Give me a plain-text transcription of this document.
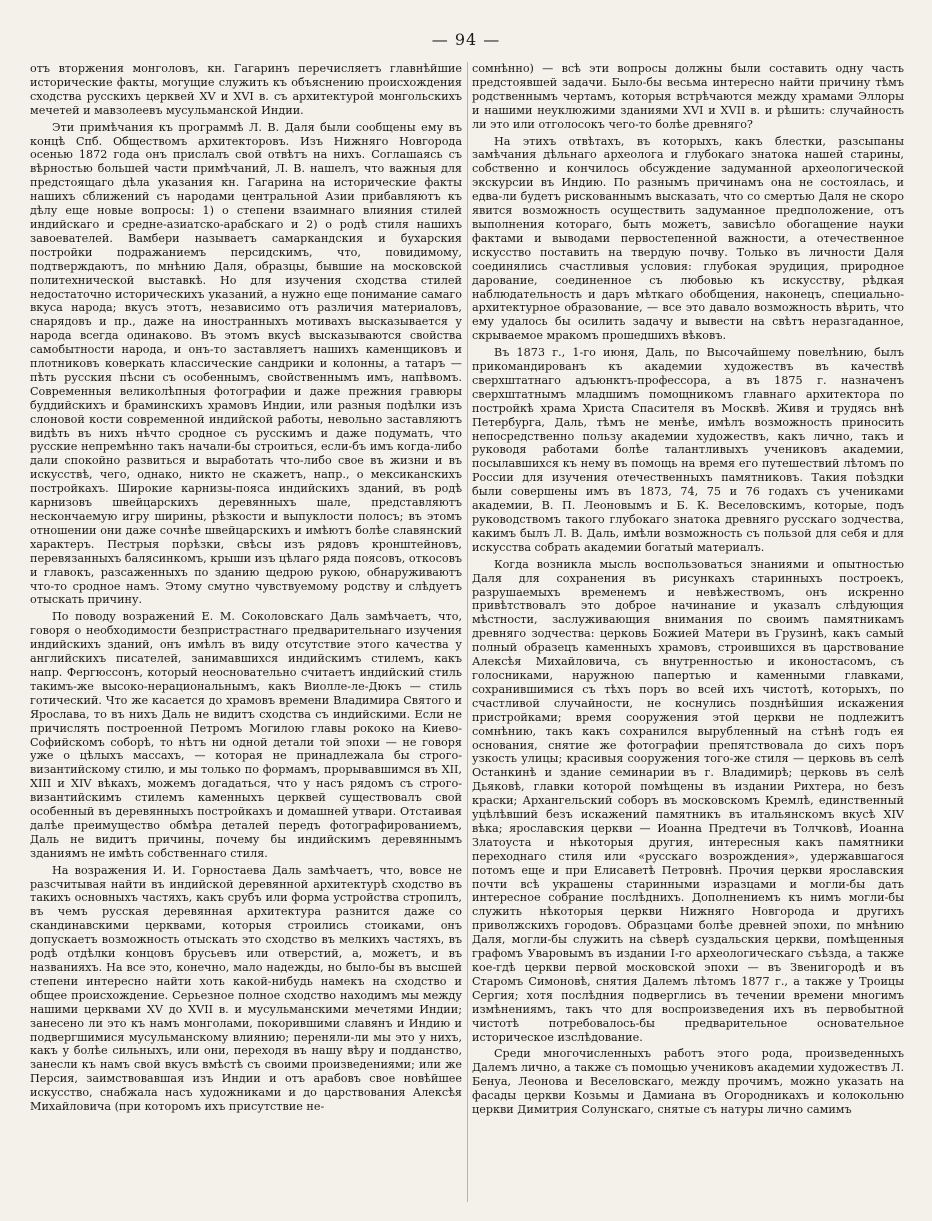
— 94 —

отъ вторжения монголовъ, кн. Гагаринъ перечисляетъ главнѣйшие исторические факты, могущие служить къ объяснению происхождения сходства русскихъ церквей XV и XVI в. съ архитектурой монгольскихъ мечетей и мавзолеевъ мусульманской Индии.

Эти примѣчания къ программѣ Л. В. Даля были сообщены ему въ концѣ Спб. Обществомъ архитекторовъ. Изъ Нижняго Новгорода осенью 1872 года онъ прислалъ свой отвѣтъ на нихъ. Соглашаясь съ вѣрностью большей части примѣчаний, Л. В. нашелъ, что важныя для предстоящаго дѣла указания кн. Гагарина на исторические факты нашихъ сближений съ народами центральной Азии прибавляютъ къ дѣлу еще новые вопросы: 1) о степени взаимнаго влияния стилей индийскаго и средне-азиатско-арабскаго и 2) о родѣ стиля нашихъ завоевателей. Вамбери называетъ самаркандския и бухарския постройки подражаниемъ персидскимъ, что, повидимому, подтверждаютъ, по мнѣнию Даля, образцы, бывшие на московской политехнической выставкѣ. Но для изучения сходства стилей недостаточно историческихъ указаний, а нужно еще понимание самаго вкуса народа; вкусъ этотъ, независимо отъ различия материаловъ, снарядовъ и пр., даже на иностранныхъ мотивахъ высказывается у народа всегда одинаково. Въ этомъ вкусѣ высказываются свойства самобытности народа, и онъ-то заставляетъ нашихъ каменщиковъ и плотниковъ коверкать классические сандрики и колонны, а татаръ — пѣть русския пѣсни съ особеннымъ, свойственнымъ имъ, напѣвомъ. Современныя великолѣпныя фотографии и даже прежния гравюры буддийскихъ и браминскихъ храмовъ Индии, или разныя подѣлки изъ слоновой кости современной индийской работы, невольно заставляютъ видѣть въ нихъ нѣчто сродное съ русскимъ и даже подумать, что русские непремѣнно такъ начали-бы строиться, если-бъ имъ когда-либо дали спокойно развиться и выработать что-либо свое въ жизни и въ искусствѣ, чего, однако, никто не скажетъ, напр., о мексиканскихъ постройкахъ. Широкие карнизы-пояса индийскихъ зданий, въ родѣ карнизовъ швейцарскихъ деревянныхъ шале, представляютъ нескончаемую игру ширины, рѣзкости и выпуклости полосъ; въ этомъ отношении они даже сочнѣе швейцарскихъ и имѣютъ болѣе славянский характеръ. Пестрыя порѣзки, свѣсы изъ рядовъ кронштейновъ, перевязанныхъ балясинкомъ, крыши изъ цѣлаго ряда поясовъ, откосовъ и главокъ, разсаженныхъ по зданию щедрою рукою, обнаруживаютъ что-то сродное намъ. Этому смутно чувствуемому родству и слѣдуетъ отыскать причину.

По поводу возражений Е. М. Соколовскаго Даль замѣчаетъ, что, говоря о необходимости безпристрастнаго предварительнаго изучения индийскихъ зданий, онъ имѣлъ въ виду отсутствие этого качества у английскихъ писателей, занимавшихся индийскимъ стилемъ, какъ напр. Фергюссонъ, который неосновательно считаетъ индийский стиль такимъ-же высоко-нерациональнымъ, какъ Виолле-ле-Дюкъ — стиль готический. Что же касается до храмовъ времени Владимира Святого и Ярослава, то въ нихъ Даль не видитъ сходства съ индийскими. Если не причислять построенной Петромъ Могилою главы рококо на Киево-Софийскомъ соборѣ, то нѣтъ ни одной детали той эпохи — не говоря уже о цѣлыхъ массахъ, — которая не принадлежала бы строго-византийскому стилю, и мы только по формамъ, прорывавшимся въ XII, XIII и XIV вѣкахъ, можемъ догадаться, что у насъ рядомъ съ строго-византийскимъ стилемъ каменныхъ церквей существовалъ свой особенный въ деревянныхъ постройкахъ и домашней утвари. Отстаивая далѣе преимущество обмѣра деталей передъ фотографированиемъ, Даль не видитъ причины, почему бы индийскимъ деревяннымъ зданиямъ не имѣть собственнаго стиля.

На возражения И. И. Горностаева Даль замѣчаетъ, что, вовсе не разсчитывая найти въ индийской деревянной архитектурѣ сходство въ такихъ основныхъ частяхъ, какъ срубъ или форма устройства стропилъ, въ чемъ русская деревянная архитектура разнится даже со скандинавскими церквами, которыя строились стоиками, онъ допускаетъ возможность отыскать это сходство въ мелкихъ частяхъ, въ родѣ отдѣлки концовъ брусьевъ или отверстий, а, можетъ, и въ названияхъ. На все это, конечно, мало надежды, но было-бы въ высшей степени интересно найти хоть какой-нибудь намекъ на сходство и общее происхождение. Серьезное полное сходство находимъ мы между нашими церквами XV до XVII в. и мусульманскими мечетями Индии; занесено ли это къ намъ монголами, покорившими славянъ и Индию и подвергшимися мусульманскому влиянию; переняли-ли мы это у нихъ, какъ у болѣе сильныхъ, или они, переходя въ нашу вѣру и подданство, занесли къ намъ свой вкусъ вмѣстѣ съ своими произведениями; или же Персия, заимствовавшая изъ Индии и отъ арабовъ свое новѣйшее искусство, снабжала насъ художниками и до царствования Алексѣя Михайловича (при которомъ ихъ присутствие не-

сомнѣнно) — всѣ эти вопросы должны были составить одну часть предстоявшей задачи. Было-бы весьма интересно найти причину тѣмъ родственнымъ чертамъ, которыя встрѣчаются между храмами Эллоры и нашими неуклюжими зданиями XVI и XVII в. и рѣшить: случайность ли это или отголосокъ чего-то болѣе древняго?

На этихъ отвѣтахъ, въ которыхъ, какъ блестки, разсыпаны замѣчания дѣльнаго археолога и глубокаго знатока нашей старины, собственно и кончилось обсуждение задуманной археологической экскурсии въ Индию. По разнымъ причинамъ она не состоялась, и едва-ли будетъ рискованнымъ высказать, что со смертью Даля не скоро явится возможность осуществить задуманное предположение, отъ выполнения котораго, быть можетъ, зависѣло обогащение науки фактами и выводами первостепенной важности, а отечественное искусство поставить на твердую почву. Только въ личности Даля соединялись счастливыя условия: глубокая эрудиция, природное дарование, соединенное съ любовью къ искусству, рѣдкая наблюдательность и даръ мѣткаго обобщения, наконецъ, специально-архитектурное образование, — все это давало возможность вѣрить, что ему удалось бы осилить задачу и вывести на свѣтъ неразгаданное, скрываемое мракомъ прошедшихъ вѣковъ.

Въ 1873 г., 1-го июня, Даль, по Высочайшему повелѣнию, былъ прикомандированъ къ академии художествъ въ качествѣ сверхштатнаго адъюнктъ-профессора, а въ 1875 г. назначенъ сверхштатнымъ младшимъ помощникомъ главнаго архитектора по постройкѣ храма Христа Спасителя въ Москвѣ. Живя и трудясь внѣ Петербурга, Даль, тѣмъ не менѣе, имѣлъ возможность приносить непосредственно пользу академии художествъ, какъ лично, такъ и руководя работами болѣе талантливыхъ учениковъ академии, посылавшихся къ нему въ помощь на время его путешествий лѣтомъ по России для изучения отечественныхъ памятниковъ. Такия поѣздки были совершены имъ въ 1873, 74, 75 и 76 годахъ съ учениками академии, В. П. Леоновымъ и Б. К. Веселовскимъ, которые, подъ руководствомъ такого глубокаго знатока древняго русскаго зодчества, какимъ былъ Л. В. Даль, имѣли возможность съ пользой для себя и для искусства собрать академии богатый материалъ.

Когда возникла мысль воспользоваться знаниями и опытностью Даля для сохранения въ рисункахъ старинныхъ построекъ, разрушаемыхъ временемъ и невѣжествомъ, онъ искренно привѣтствовалъ это доброе начинание и указалъ слѣдующия мѣстности, заслуживающия внимания по своимъ памятникамъ древняго зодчества: церковь Божией Матери въ Грузинѣ, какъ самый полный образецъ каменныхъ храмовъ, строившихся въ царствование Алексѣя Михайловича, съ внутренностью и иконостасомъ, съ голосниками, наружною папертью и каменными главками, сохранившимися съ тѣхъ поръ во всей ихъ чистотѣ, которыхъ, по счастливой случайности, не коснулись позднѣйшия искажения пристройками; время сооружения этой церкви не подлежитъ сомнѣнию, такъ какъ сохранился вырубленный на стѣнѣ годъ ея основания, снятие же фотографии препятствовала до сихъ поръ узкость улицы; красивыя сооружения того-же стиля — церковь въ селѣ Останкинѣ и здание семинарии въ г. Владимирѣ; церковь въ селѣ Дьяковѣ, главки которой помѣщены въ издании Рихтера, но безъ краски; Архангельский соборъ въ московскомъ Кремлѣ, единственный уцѣлѣвший безъ искажений памятникъ въ итальянскомъ вкусѣ XIV вѣка; ярославския церкви — Иоанна Предтечи въ Толчковѣ, Иоанна Златоуста и нѣкоторыя другия, интересныя какъ памятники переходнаго стиля или «русскаго возрождения», удержавшагося потомъ еще и при Елисаветѣ Петровнѣ. Прочия церкви ярославския почти всѣ украшены старинными изразцами и могли-бы дать интересное собрание послѣднихъ. Дополнениемъ къ нимъ могли-бы служить нѣкоторыя церкви Нижняго Новгорода и другихъ приволжскихъ городовъ. Образцами болѣе древней эпохи, по мнѣнию Даля, могли-бы служить на сѣверѣ суздальския церкви, помѣщенныя графомъ Уваровымъ въ издании I-го археологическаго съѣзда, а также кое-гдѣ церкви первой московской эпохи — въ Звенигородѣ и въ Старомъ Симоновѣ, снятия Далемъ лѣтомъ 1877 г., а также у Троицы Сергия; хотя послѣдния подверглись въ течении времени многимъ измѣнениямъ, такъ что для воспроизведения ихъ въ первобытной чистотѣ потребовалось-бы предварительное основательное историческое изслѣдование.

Среди многочисленныхъ работъ этого рода, произведенныхъ Далемъ лично, а также съ помощью учениковъ академии художествъ Л. Бенуа, Леонова и Веселовскаго, между прочимъ, можно указать на фасады церкви Козьмы и Дамиана въ Огородникахъ и колокольню церкви Димитрия Солунскаго, снятые съ натуры лично самимъ
